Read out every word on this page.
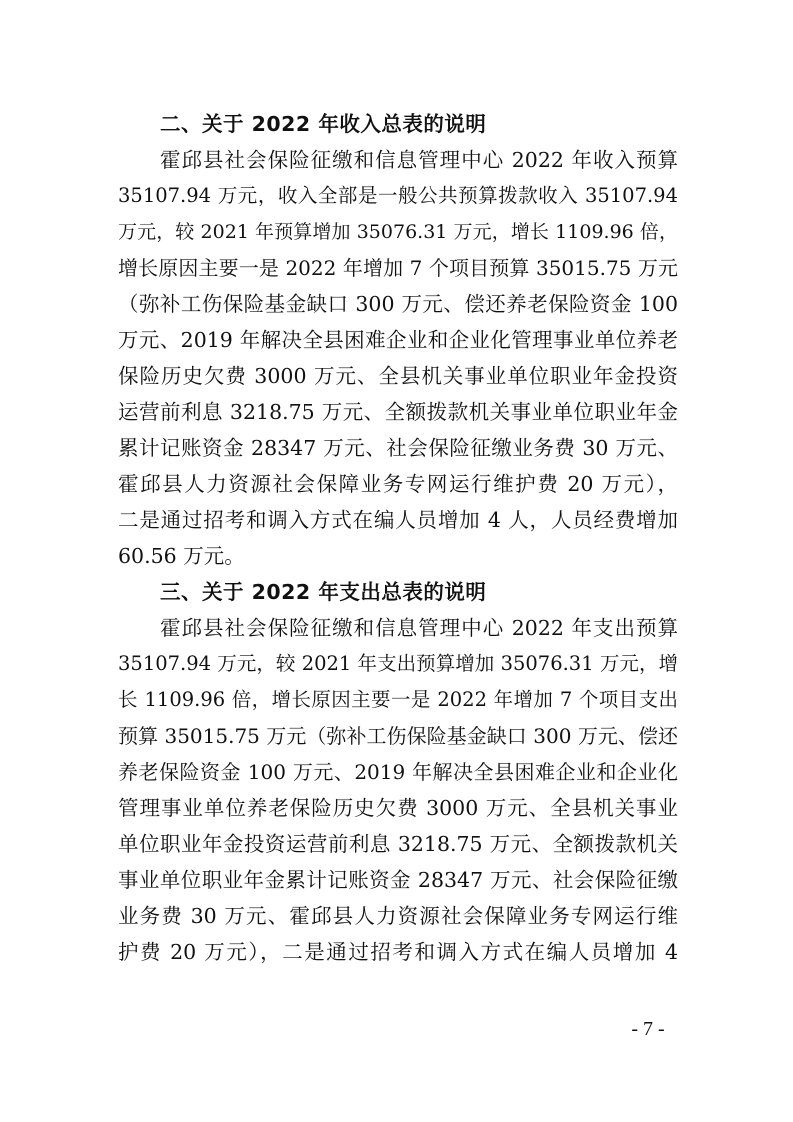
二、关于 2022 年收入总表的说明
霍邱县社会保险征缴和信息管理中心 2022 年收入预算
35107.94 万元，收入全部是一般公共预算拨款收入 35107.94
万元，较 2021 年预算增加 35076.31 万元，增长 1109.96 倍，
增长原因主要一是 2022 年增加 7 个项目预算 35015.75 万元
（弥补工伤保险基金缺口 300 万元、偿还养老保险资金 100
万元、2019 年解决全县困难企业和企业化管理事业单位养老
保险历史欠费 3000 万元、全县机关事业单位职业年金投资
运营前利息 3218.75 万元、全额拨款机关事业单位职业年金
累计记账资金 28347 万元、社会保险征缴业务费 30 万元、
霍邱县人力资源社会保障业务专网运行维护费 20 万元），
二是通过招考和调入方式在编人员增加 4 人，人员经费增加
60.56 万元。
三、关于 2022 年支出总表的说明
霍邱县社会保险征缴和信息管理中心 2022 年支出预算
35107.94 万元，较 2021 年支出预算增加 35076.31 万元，增
长 1109.96 倍，增长原因主要一是 2022 年增加 7 个项目支出
预算 35015.75 万元（弥补工伤保险基金缺口 300 万元、偿还
养老保险资金 100 万元、2019 年解决全县困难企业和企业化
管理事业单位养老保险历史欠费 3000 万元、全县机关事业
单位职业年金投资运营前利息 3218.75 万元、全额拨款机关
事业单位职业年金累计记账资金 28347 万元、社会保险征缴
业务费 30 万元、霍邱县人力资源社会保障业务专网运行维
护费 20 万元），二是通过招考和调入方式在编人员增加 4
- 7 -
